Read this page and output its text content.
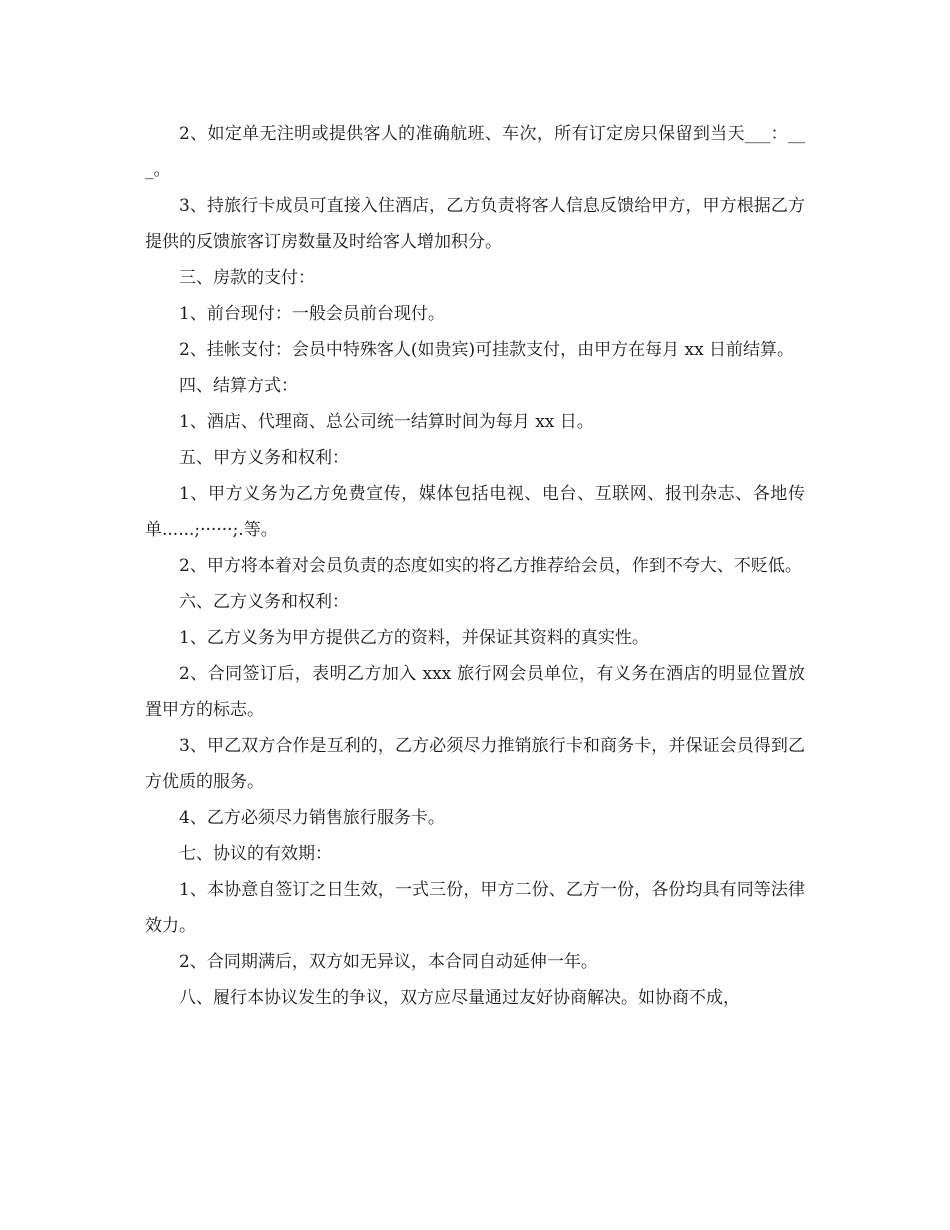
2、如定单无注明或提供客人的准确航班、车次，所有订定房只保留到当天___：___。

3、持旅行卡成员可直接入住酒店，乙方负责将客人信息反馈给甲方，甲方根据乙方提供的反馈旅客订房数量及时给客人增加积分。

三、房款的支付：

1、前台现付：一般会员前台现付。

2、挂帐支付：会员中特殊客人(如贵宾)可挂款支付，由甲方在每月 xx 日前结算。

四、结算方式：

1、酒店、代理商、总公司统一结算时间为每月 xx 日。

五、甲方义务和权利：

1、甲方义务为乙方免费宣传，媒体包括电视、电台、互联网、报刊杂志、各地传单......;······;.等。

2、甲方将本着对会员负责的态度如实的将乙方推荐给会员，作到不夸大、不贬低。

六、乙方义务和权利：

1、乙方义务为甲方提供乙方的资料，并保证其资料的真实性。

2、合同签订后，表明乙方加入 xxx 旅行网会员单位，有义务在酒店的明显位置放置甲方的标志。

3、甲乙双方合作是互利的，乙方必须尽力推销旅行卡和商务卡，并保证会员得到乙方优质的服务。

4、乙方必须尽力销售旅行服务卡。

七、协议的有效期：

1、本协意自签订之日生效，一式三份，甲方二份、乙方一份，各份均具有同等法律效力。

2、合同期满后，双方如无异议，本合同自动延伸一年。

八、履行本协议发生的争议，双方应尽量通过友好协商解决。如协商不成，
